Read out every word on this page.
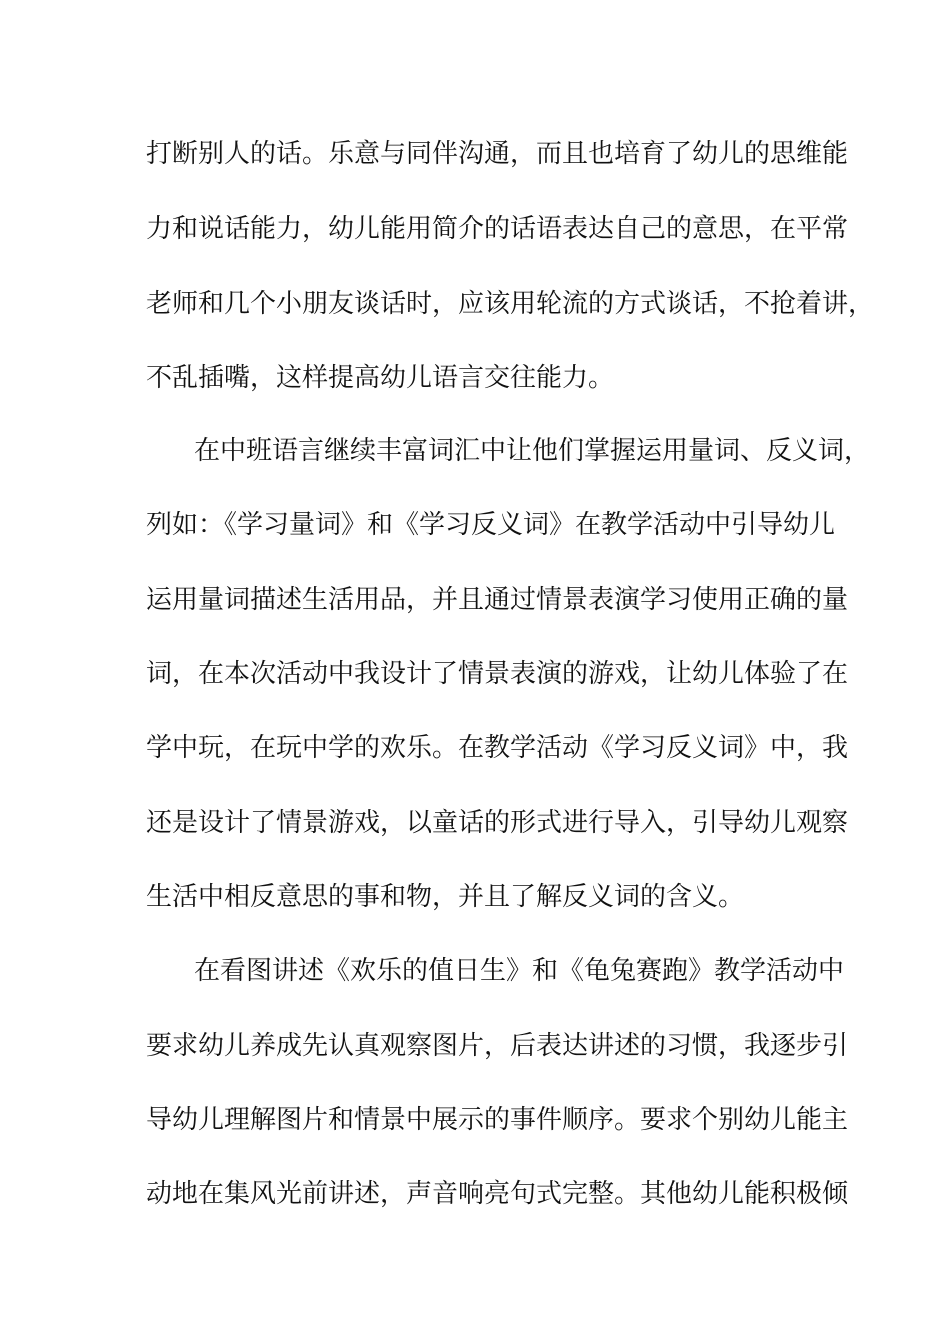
打断别人的话。乐意与同伴沟通，而且也培育了幼儿的思维能
力和说话能力，幼儿能用简介的话语表达自己的意思，在平常
老师和几个小朋友谈话时，应该用轮流的方式谈话，不抢着讲，
不乱插嘴，这样提高幼儿语言交往能力。
在中班语言继续丰富词汇中让他们掌握运用量词、反义词，
列如：《学习量词》和《学习反义词》在教学活动中引导幼儿
运用量词描述生活用品，并且通过情景表演学习使用正确的量
词，在本次活动中我设计了情景表演的游戏，让幼儿体验了在
学中玩，在玩中学的欢乐。在教学活动《学习反义词》中，我
还是设计了情景游戏，以童话的形式进行导入，引导幼儿观察
生活中相反意思的事和物，并且了解反义词的含义。
在看图讲述《欢乐的值日生》和《龟兔赛跑》教学活动中
要求幼儿养成先认真观察图片，后表达讲述的习惯，我逐步引
导幼儿理解图片和情景中展示的事件顺序。要求个别幼儿能主
动地在集风光前讲述，声音响亮句式完整。其他幼儿能积极倾
